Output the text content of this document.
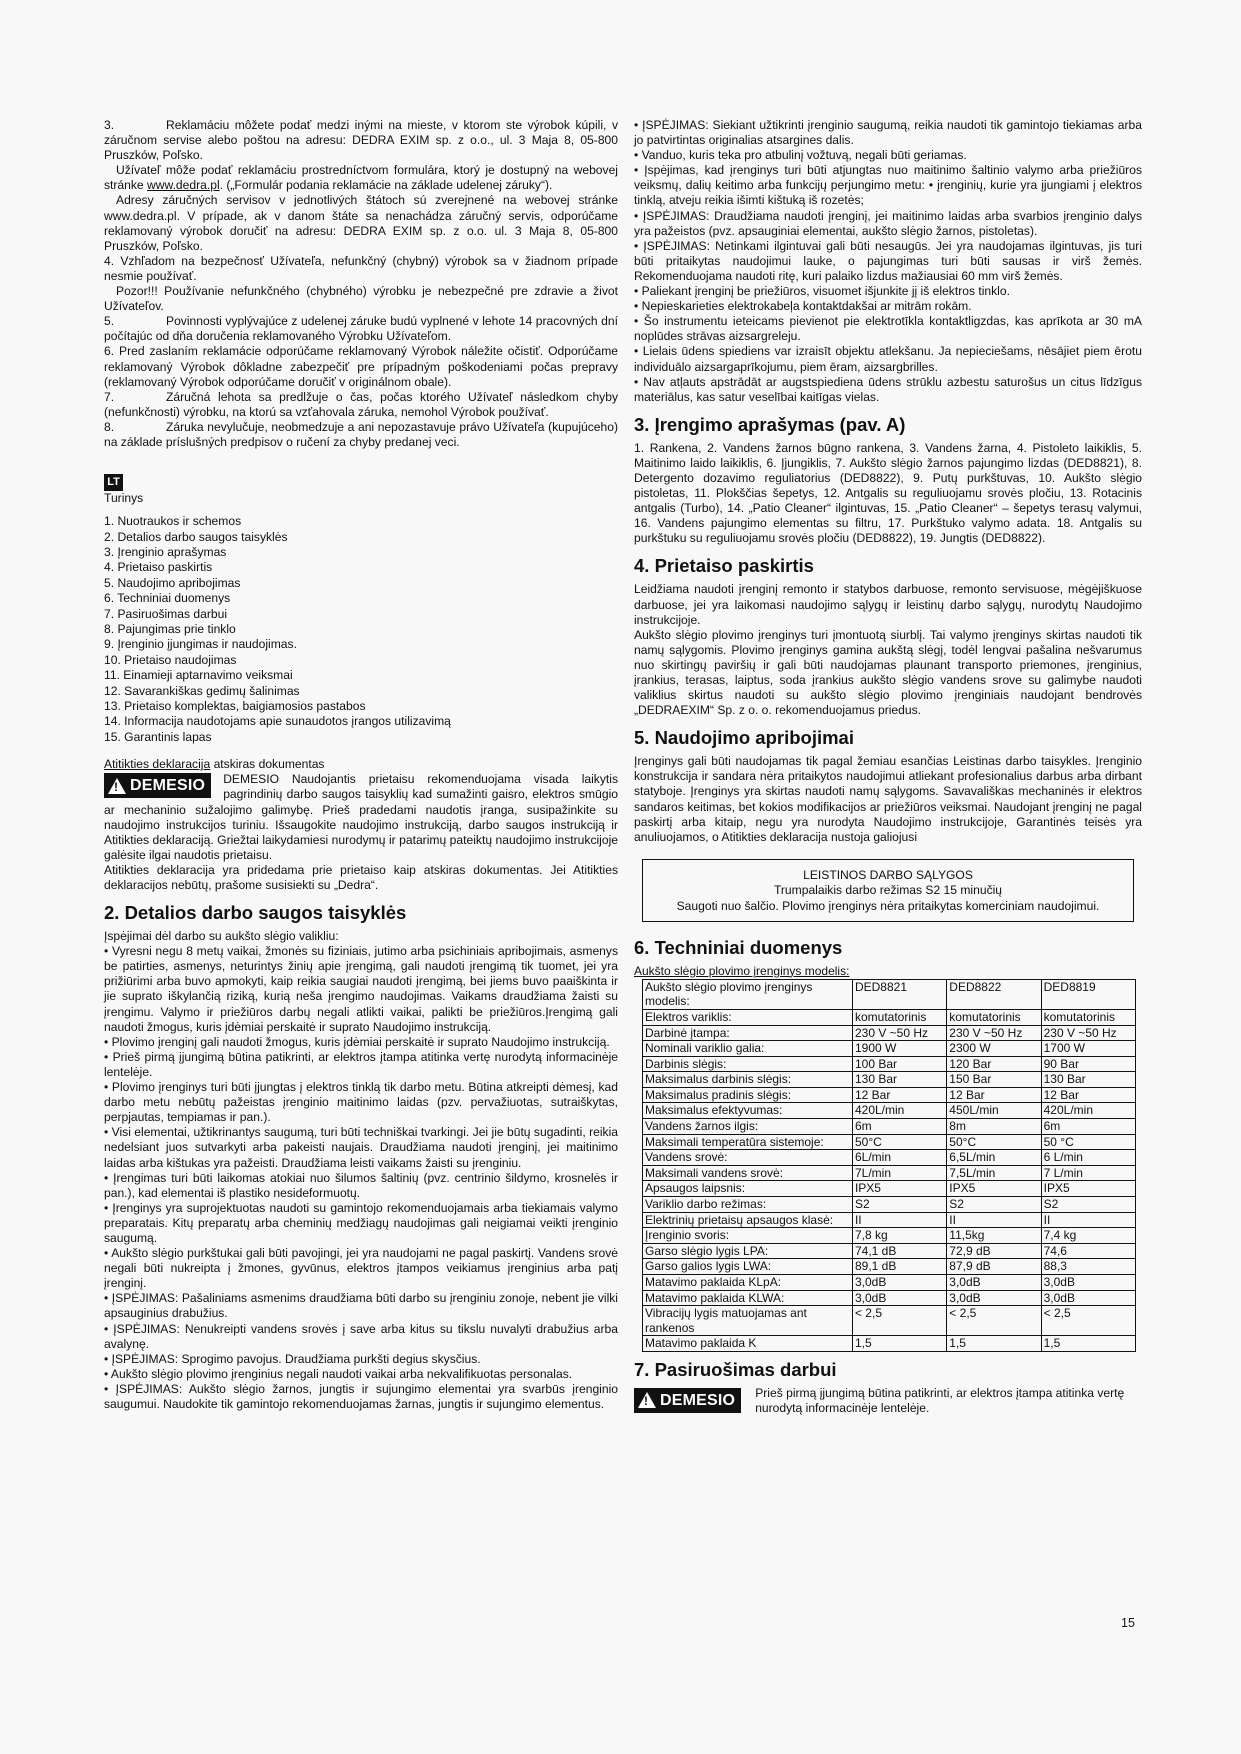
3.	Reklamáciu môžete podať medzi inými na mieste, v ktorom ste výrobok kúpili, v záručnom servise alebo poštou na adresu: DEDRA EXIM sp. z o.o., ul. 3 Maja 8, 05-800 Pruszków, Poľsko.

Užívateľ môže podať reklamáciu prostredníctvom formulára, ktorý je dostupný na webovej stránke www.dedra.pl. („Formulár podania reklamácie na základe udelenej záruky“).

Adresy záručných servisov v jednotlivých štátoch sú zverejnené na webovej stránke www.dedra.pl. V prípade, ak v danom štáte sa nenachádza záručný servis, odporúčame reklamovaný výrobok doručiť na adresu: DEDRA EXIM sp. z o.o. ul. 3 Maja 8, 05-800 Pruszków, Poľsko.

4. Vzhľadom na bezpečnosť Užívateľa, nefunkčný (chybný) výrobok sa v žiadnom prípade nesmie používať.

Pozor!!! Používanie nefunkčného (chybného) výrobku je nebezpečné pre zdravie a život Užívateľov.

5.	Povinnosti vyplývajúce z udelenej záruke budú vyplnené v lehote 14 pracovných dní počítajúc od dňa doručenia reklamovaného Výrobku Užívateľom.

6. Pred zaslaním reklamácie odporúčame reklamovaný Výrobok náležite očistiť. Odporúčame reklamovaný Výrobok dôkladne zabezpečiť pre prípadným poškodeniami počas prepravy (reklamovaný Výrobok odporúčame doručiť v originálnom obale).

7.	Záručná lehota sa predlžuje o čas, počas ktorého Užívateľ následkom chyby (nefunkčnosti) výrobku, na ktorú sa vzťahovala záruka, nemohol Výrobok používať.

8.	Záruka nevylučuje, neobmedzuje a ani nepozastavuje právo Užívateľa (kupujúceho) na základe príslušných predpisov o ručení za chyby predanej veci.

LT

Turinys

1. Nuotraukos ir schemos

2. Detalios darbo saugos taisyklės

3. Įrenginio aprašymas

4. Prietaiso paskirtis

5. Naudojimo apribojimas

6. Techniniai duomenys

7. Pasiruošimas darbui

8. Pajungimas prie tinklo

9. Įrenginio įjungimas ir naudojimas.

10. Prietaiso naudojimas

11. Einamieji aptarnavimo veiksmai

12. Savarankiškas gedimų šalinimas

13. Prietaiso komplektas, baigiamosios pastabos

14. Informacija naudotojams apie sunaudotos įrangos utilizavimą

15. Garantinis lapas

Atitikties deklaracija atskiras dokumentas

! DEMESIO	DEMESIO Naudojantis prietaisu rekomenduojama visada laikytis pagrindinių darbo saugos taisyklių kad sumažinti gaisro, elektros smūgio ar mechaninio sužalojimo galimybę. Prieš pradedami naudotis įranga, susipažinkite su naudojimo instrukcijos turiniu. Išsaugokite naudojimo instrukciją, darbo saugos instrukciją ir Atitikties deklaraciją. Griežtai laikydamiesi nurodymų ir patarimų pateiktų naudojimo instrukcijoje galėsite ilgai naudotis prietaisu.

Atitikties deklaracija yra pridedama prie prietaiso kaip atskiras dokumentas. Jei Atitikties deklaracijos nebūtų, prašome susisiekti su „Dedra“.

2. Detalios darbo saugos taisyklės

Įspėjimai dėl darbo su aukšto slėgio valikliu:

• Vyresni negu 8 metų vaikai, žmonės su fiziniais, jutimo arba psichiniais apribojimais, asmenys be patirties, asmenys, neturintys žinių apie įrengimą, gali naudoti įrengimą tik tuomet, jei yra prižiūrimi arba buvo apmokyti, kaip reikia saugiai naudoti įrengimą, bei jiems buvo paaiškinta ir jie suprato iškylančią riziką, kurią neša įrengimo naudojimas. Vaikams draudžiama žaisti su įrengimu. Valymo ir priežiūros darbų negali atlikti vaikai, palikti be priežiūros.Įrengimą gali naudoti žmogus, kuris įdėmiai perskaitė ir suprato Naudojimo instrukciją.

• Plovimo įrenginį gali naudoti žmogus, kuris įdėmiai perskaitė ir suprato Naudojimo instrukciją.

• Prieš pirmą įjungimą būtina patikrinti, ar elektros įtampa atitinka vertę nurodytą informacinėje lentelėje.

• Plovimo įrenginys turi būti įjungtas į elektros tinklą tik darbo metu. Būtina atkreipti dėmesį, kad darbo metu nebūtų pažeistas įrenginio maitinimo laidas (pzv. pervažiuotas, sutraiškytas, perpjautas, tempiamas ir pan.).

• Visi elementai, užtikrinantys saugumą, turi būti techniškai tvarkingi. Jei jie būtų sugadinti, reikia nedelsiant juos sutvarkyti arba pakeisti naujais. Draudžiama naudoti įrenginį, jei maitinimo laidas arba kištukas yra pažeisti. Draudžiama leisti vaikams žaisti su įrenginiu.

• Įrengimas turi būti laikomas atokiai nuo šilumos šaltinių (pvz. centrinio šildymo, krosnelės ir pan.), kad elementai iš plastiko nesideformuotų.

• Įrenginys yra suprojektuotas naudoti su gamintojo rekomenduojamais arba tiekiamais valymo preparatais. Kitų preparatų arba cheminių medžiagų naudojimas gali neigiamai veikti įrenginio saugumą.

• Aukšto slėgio purkštukai gali būti pavojingi, jei yra naudojami ne pagal paskirtį. Vandens srovė negali būti nukreipta į žmones, gyvūnus, elektros įtampos veikiamus įrenginius arba patį įrenginį.

• ĮSPĖJIMAS: Pašaliniams asmenims draudžiama būti darbo su įrenginiu zonoje, nebent jie vilki apsauginius drabužius.

• ĮSPĖJIMAS: Nenukreipti vandens srovės į save arba kitus su tikslu nuvalyti drabužius arba avalynę.

• ĮSPĖJIMAS: Sprogimo pavojus. Draudžiama purkšti degius skysčius.

• Aukšto slėgio plovimo įrenginius negali naudoti vaikai arba nekvalifikuotas personalas.

• ĮSPĖJIMAS: Aukšto slėgio žarnos, jungtis ir sujungimo elementai yra svarbūs įrenginio saugumui. Naudokite tik gamintojo rekomenduojamas žarnas, jungtis ir sujungimo elementus.

• ĮSPĖJIMAS: Siekiant užtikrinti įrenginio saugumą, reikia naudoti tik gamintojo tiekiamas arba jo patvirtintas originalias atsargines dalis.

• Vanduo, kuris teka pro atbulinį vožtuvą, negali būti geriamas.

• Įspėjimas, kad įrenginys turi būti atjungtas nuo maitinimo šaltinio valymo arba priežiūros veiksmų, dalių keitimo arba funkcijų perjungimo metu: • įrenginių, kurie yra įjungiami į elektros tinklą, atveju reikia išimti kištuką iš rozetės;

• ĮSPĖJIMAS: Draudžiama naudoti įrenginį, jei maitinimo laidas arba svarbios įrenginio dalys yra pažeistos (pvz. apsauginiai elementai, aukšto slėgio žarnos, pistoletas).

• ĮSPĖJIMAS: Netinkami ilgintuvai gali būti nesaugūs. Jei yra naudojamas ilgintuvas, jis turi būti pritaikytas naudojimui lauke, o pajungimas turi būti sausas ir virš žemės. Rekomenduojama naudoti ritę, kuri palaiko lizdus mažiausiai 60 mm virš žemės.

• Paliekant įrenginį be priežiūros, visuomet išjunkite jį iš elektros tinklo.

• Nepieskarieties elektrokabeļa kontaktdakšai ar mitrām rokām.

• Šo instrumentu ieteicams pievienot pie elektrotīkla kontaktligzdas, kas aprīkota ar 30 mA noplūdes strāvas aizsargreleju.

• Lielais ūdens spiediens var izraisīt objektu atlekšanu. Ja nepieciešams, nēsājiet piem ērotu individuālo aizsargaprīkojumu, piem ēram, aizsargbrilles.

• Nav atļauts apstrādāt ar augstspiediena ūdens strūklu azbestu saturošus un citus līdzīgus materiālus, kas satur veselībai kaitīgas vielas.

3. Įrengimo aprašymas (pav. A)

1. Rankena, 2. Vandens žarnos būgno rankena, 3. Vandens žarna, 4. Pistoleto laikiklis, 5. Maitinimo laido laikiklis, 6. Įjungiklis, 7. Aukšto slėgio žarnos pajungimo lizdas (DED8821), 8. Detergento dozavimo reguliatorius (DED8822), 9. Putų purkštuvas, 10. Aukšto slėgio pistoletas, 11. Plokščias šepetys, 12. Antgalis su reguliuojamu srovės pločiu, 13. Rotacinis antgalis (Turbo), 14. „Patio Cleaner“ ilgintuvas, 15. „Patio Cleaner“ – šepetys terasų valymui, 16. Vandens pajungimo elementas su filtru, 17. Purkštuko valymo adata. 18. Antgalis su purkštuku su reguliuojamu srovės pločiu (DED8822), 19. Jungtis (DED8822).

4. Prietaiso paskirtis

Leidžiama naudoti įrenginį remonto ir statybos darbuose, remonto servisuose, mėgėjiškuose darbuose, jei yra laikomasi naudojimo sąlygų ir leistinų darbo sąlygų, nurodytų Naudojimo instrukcijoje.

Aukšto slėgio plovimo įrenginys turi įmontuotą siurblį. Tai valymo įrenginys skirtas naudoti tik namų sąlygomis. Plovimo įrenginys gamina aukštą slėgį, todėl lengvai pašalina nešvarumus nuo skirtingų paviršių ir gali būti naudojamas plaunant transporto priemones, įrenginius, įrankius, terasas, laiptus, soda įrankius aukšto slėgio vandens srove su galimybe naudoti valiklius skirtus naudoti su aukšto slėgio plovimo įrenginiais naudojant bendrovės „DEDRAEXIM“ Sp. z o. o. rekomenduojamus priedus.

5. Naudojimo apribojimai

Įrenginys gali būti naudojamas tik pagal žemiau esančias Leistinas darbo taisykles. Įrenginio konstrukcija ir sandara nėra pritaikytos naudojimui atliekant profesionalius darbus arba dirbant statyboje. Įrenginys yra skirtas naudoti namų sąlygoms. Savavališkas mechaninės ir elektros sandaros keitimas, bet kokios modifikacijos ar priežiūros veiksmai. Naudojant įrenginį ne pagal paskirtį arba kitaip, negu yra nurodyta Naudojimo instrukcijoje, Garantinės teisės yra anuliuojamos, o Atitikties deklaracija nustoja galiojusi

LEISTINOS DARBO SĄLYGOS

Trumpalaikis darbo režimas S2 15 minučių

Saugoti nuo šalčio. Plovimo įrenginys nėra pritaikytas komerciniam naudojimui.

6. Techniniai duomenys

Aukšto slėgio plovimo įrenginys modelis:

Aukšto slėgio plovimo įrenginys modelis:	DED8821	DED8822	DED8819
Elektros variklis:	komutatorinis	komutatorinis	komutatorinis
Darbinė įtampa:	230 V ~50 Hz	230 V ~50 Hz	230 V ~50 Hz
Nominali variklio galia:	1900 W	2300 W	1700 W
Darbinis slėgis:	100 Bar	120 Bar	90 Bar
Maksimalus darbinis slėgis:	130 Bar	150 Bar	130 Bar
Maksimalus pradinis slėgis:	12 Bar	12 Bar	12 Bar
Maksimalus efektyvumas:	420L/min	450L/min	420L/min
Vandens žarnos ilgis:	6m	8m	6m
Maksimali temperatūra sistemoje:	50°C	50°C	50 °C
Vandens srovė:	6L/min	6,5L/min	6 L/min
Maksimali vandens srovė:	7L/min	7,5L/min	7 L/min
Apsaugos laipsnis:	IPX5	IPX5	IPX5
Variklio darbo režimas:	S2	S2	S2
Elektrinių prietaisų apsaugos klasė:	II	II	II
Įrenginio svoris:	7,8 kg	11,5kg	7,4 kg
Garso slėgio lygis LPA:	74,1 dB	72,9 dB	74,6
Garso galios lygis LWA:	89,1 dB	87,9 dB	88,3
Matavimo paklaida KLpA:	3,0dB	3,0dB	3,0dB
Matavimo paklaida KLWA:	3,0dB	3,0dB	3,0dB
Vibracijų lygis matuojamas ant rankenos	< 2,5	< 2,5	< 2,5
Matavimo paklaida K	1,5	1,5	1,5
7. Pasiruošimas darbui
! DEMESIO Prieš pirmą įjungimą būtina patikrinti, ar elektros įtampa atitinka vertę nurodytą informacinėje lentelėje.

15
